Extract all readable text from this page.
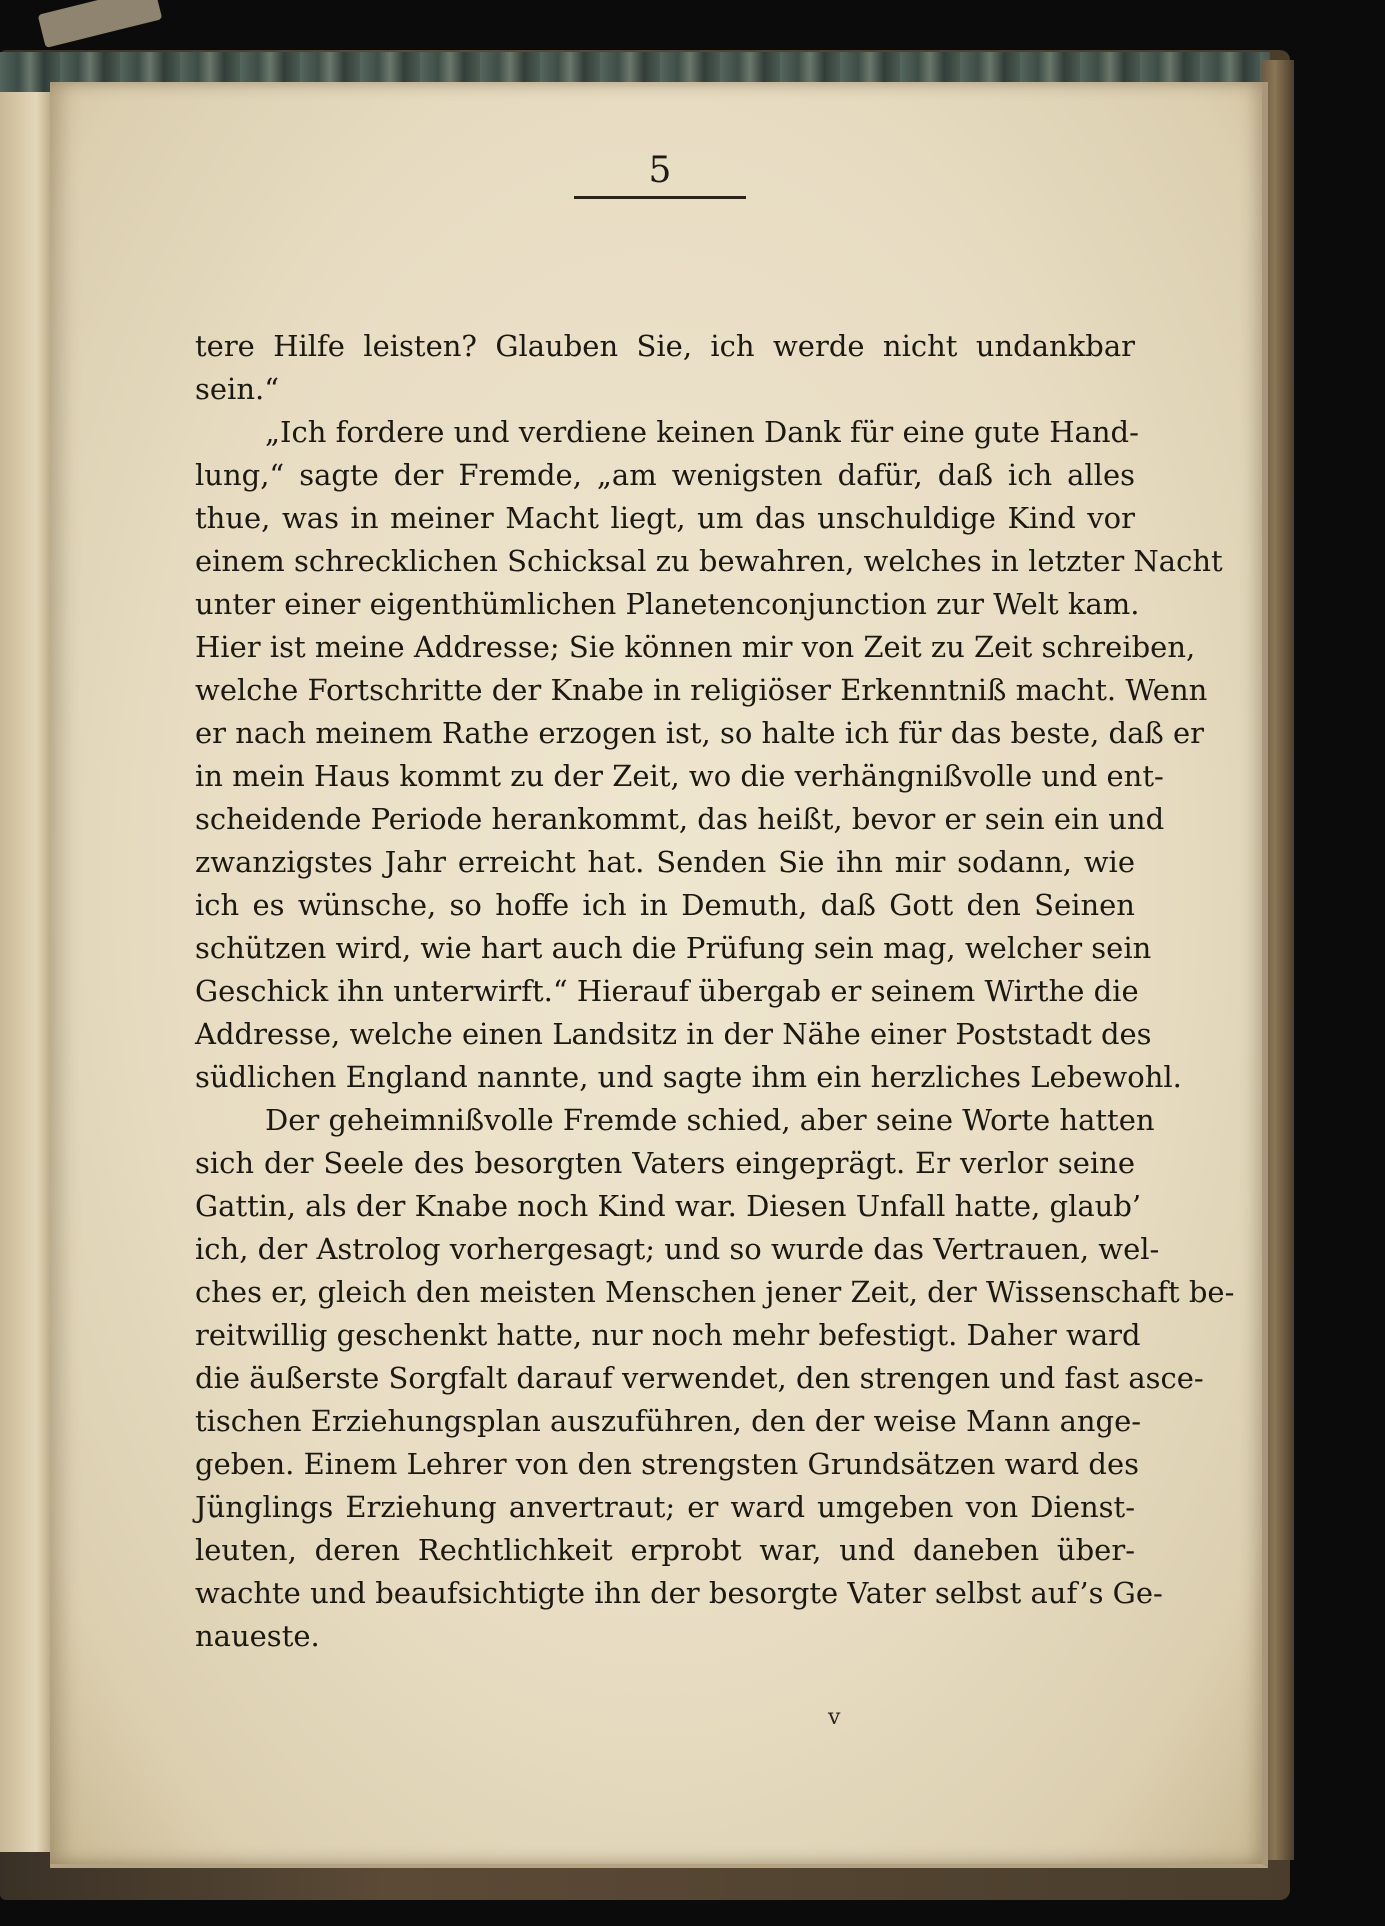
5
tere Hilfe leisten? Glauben Sie, ich werde nicht undankbar
sein.“
„Ich fordere und verdiene keinen Dank für eine gute Hand-
lung,“ sagte der Fremde, „am wenigsten dafür, daß ich alles
thue, was in meiner Macht liegt, um das unschuldige Kind vor
einem schrecklichen Schicksal zu bewahren, welches in letzter Nacht
unter einer eigenthümlichen Planetenconjunction zur Welt kam.
Hier ist meine Addresse; Sie können mir von Zeit zu Zeit schreiben,
welche Fortschritte der Knabe in religiöser Erkenntniß macht. Wenn
er nach meinem Rathe erzogen ist, so halte ich für das beste, daß er
in mein Haus kommt zu der Zeit, wo die verhängnißvolle und ent-
scheidende Periode herankommt, das heißt, bevor er sein ein und
zwanzigstes Jahr erreicht hat. Senden Sie ihn mir sodann, wie
ich es wünsche, so hoffe ich in Demuth, daß Gott den Seinen
schützen wird, wie hart auch die Prüfung sein mag, welcher sein
Geschick ihn unterwirft.“ Hierauf übergab er seinem Wirthe die
Addresse, welche einen Landsitz in der Nähe einer Poststadt des
südlichen England nannte, und sagte ihm ein herzliches Lebewohl.
Der geheimnißvolle Fremde schied, aber seine Worte hatten
sich der Seele des besorgten Vaters eingeprägt. Er verlor seine
Gattin, als der Knabe noch Kind war. Diesen Unfall hatte, glaub’
ich, der Astrolog vorhergesagt; und so wurde das Vertrauen, wel-
ches er, gleich den meisten Menschen jener Zeit, der Wissenschaft be-
reitwillig geschenkt hatte, nur noch mehr befestigt. Daher ward
die äußerste Sorgfalt darauf verwendet, den strengen und fast asce-
tischen Erziehungsplan auszuführen, den der weise Mann ange-
geben. Einem Lehrer von den strengsten Grundsätzen ward des
Jünglings Erziehung anvertraut; er ward umgeben von Dienst-
leuten, deren Rechtlichkeit erprobt war, und daneben über-
wachte und beaufsichtigte ihn der besorgte Vater selbst auf’s Ge-
naueste.
v
